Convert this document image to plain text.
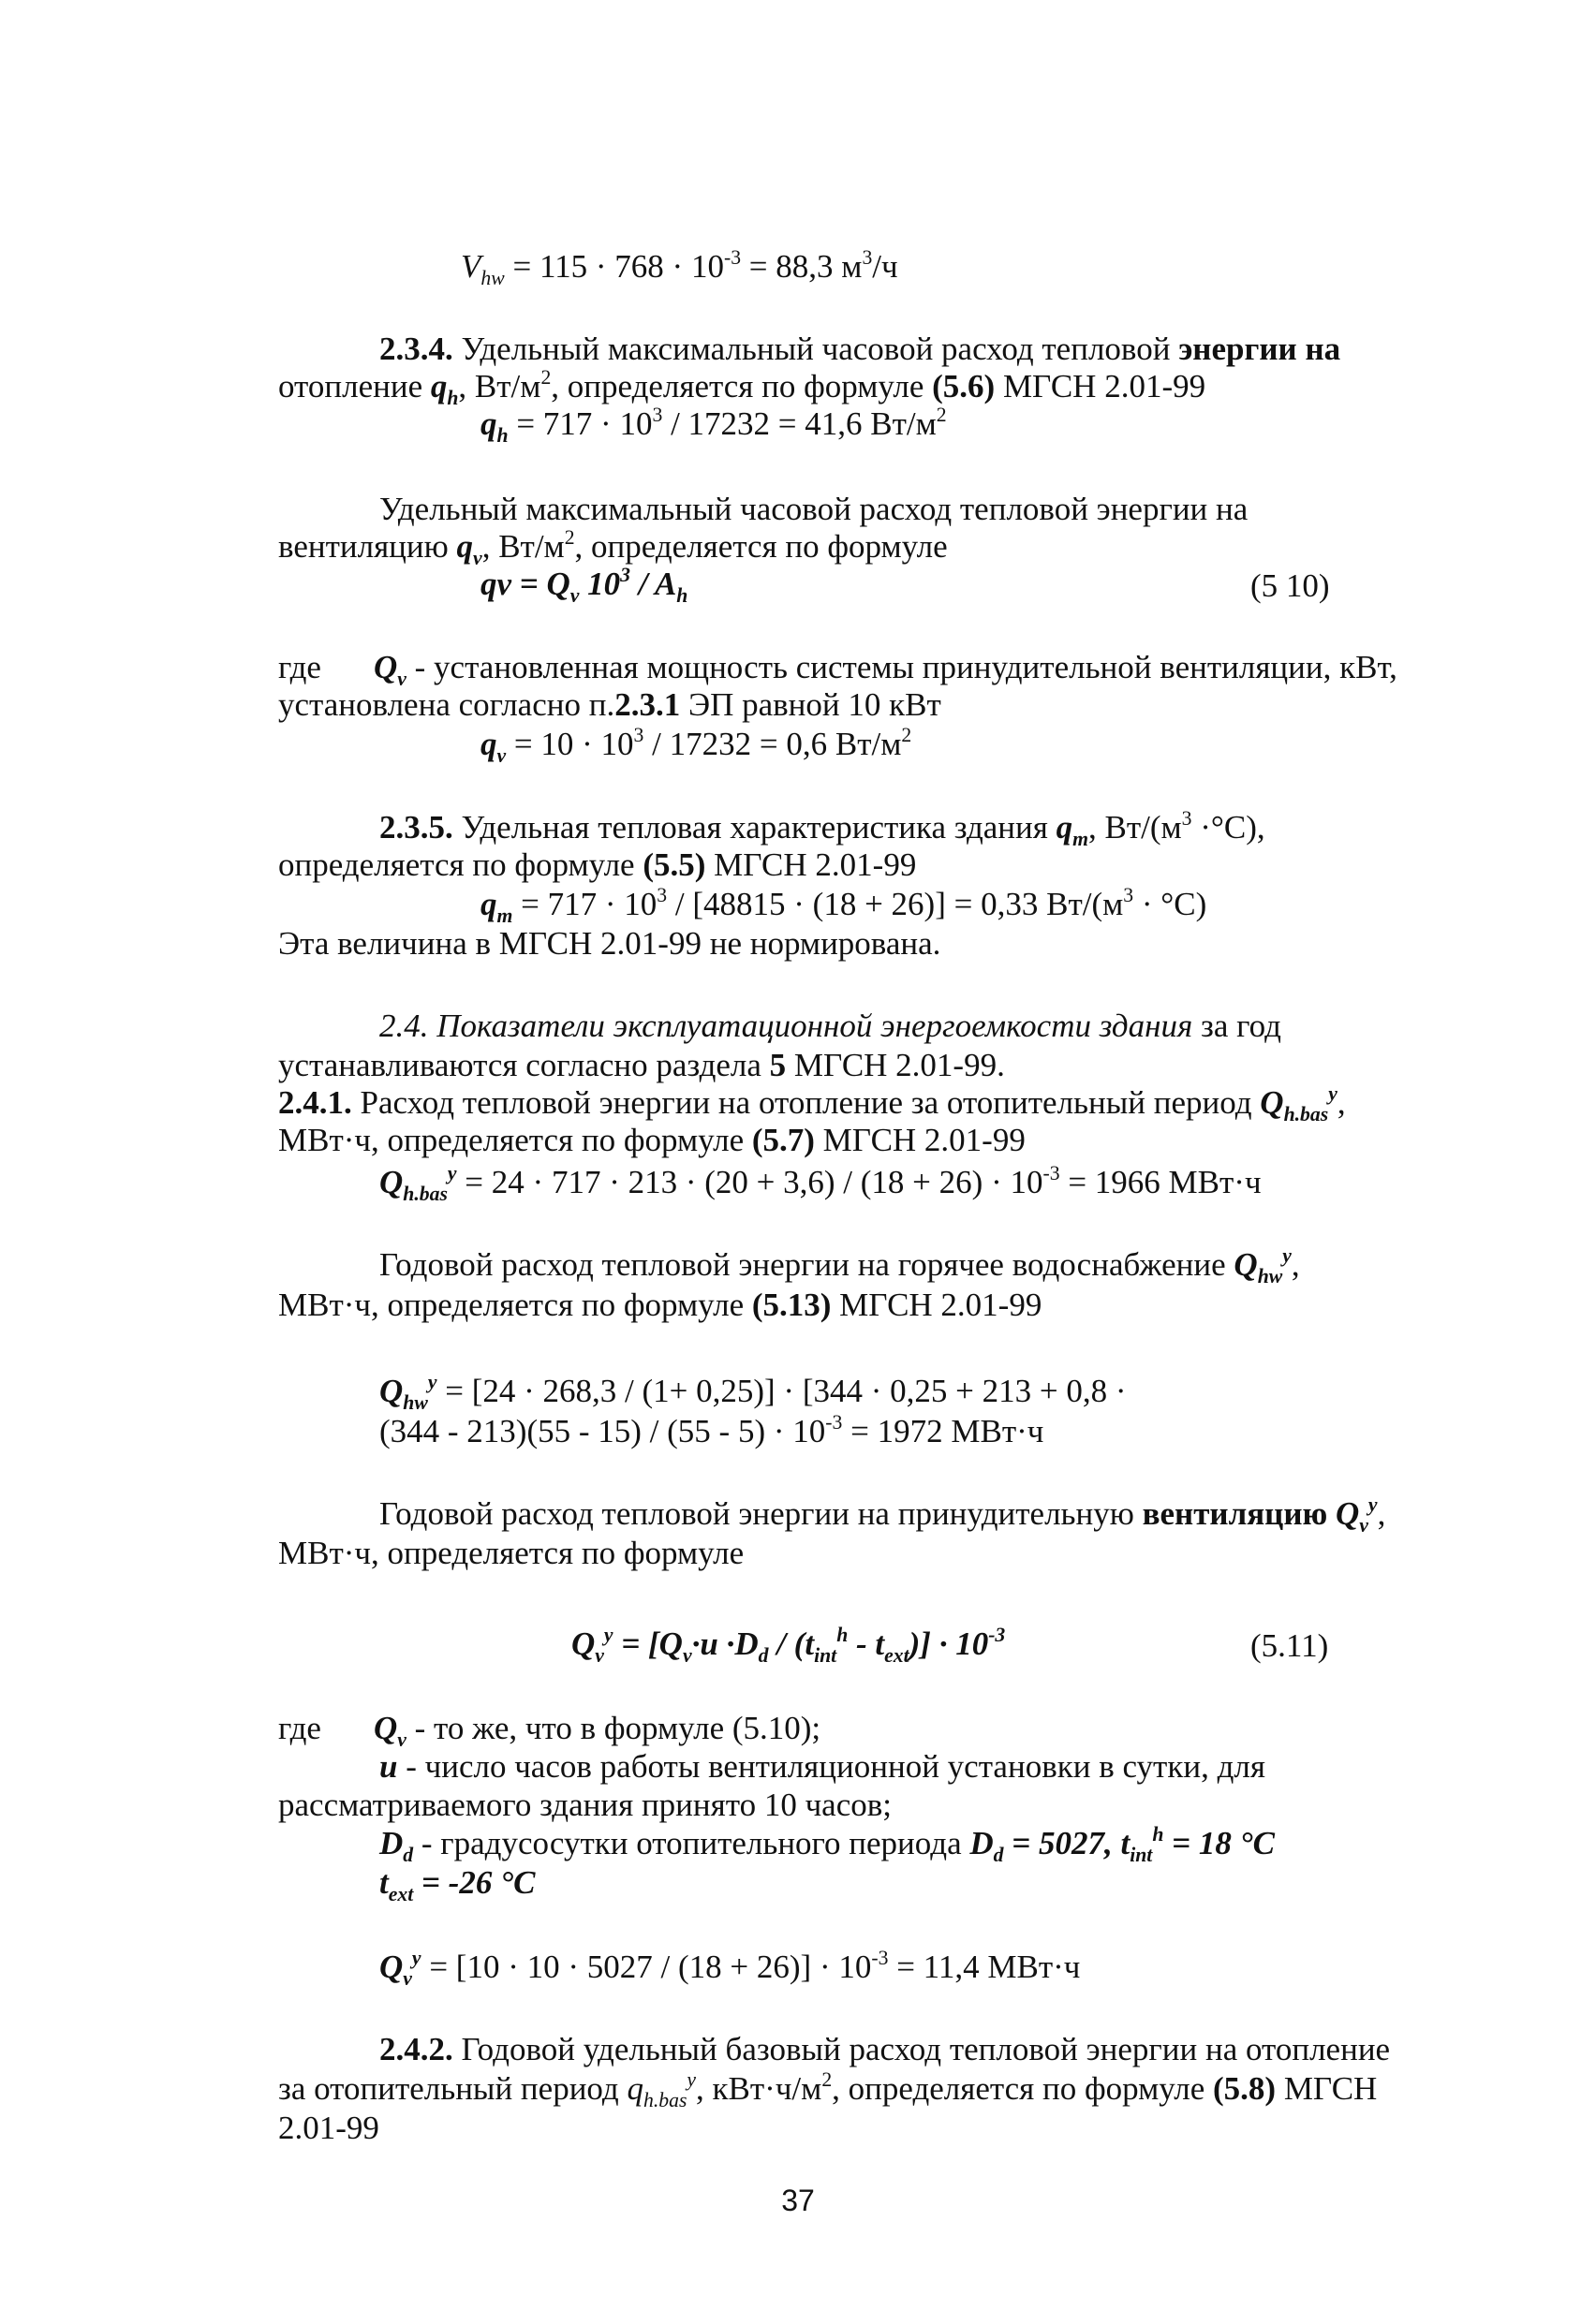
$V_{hw} = 115 \cdot 768 \cdot 10^{-3} = 88,3$ $м^3/ч$
2.3.4. Удельный максимальный часовой расход тепловой энергии на
отопление $q_h$, $Вт/м^2$, определяется по формуле (5.6) МГСН 2.01-99
$q_h = 717 \cdot 10^3 / 17232 = 41,6$ $Вт/м^2$
Удельный максимальный часовой расход тепловой энергии на
вентиляцию $q_v$, $Вт/м^2$, определяется по формуле
qv = $Q_v$ $10^3 / A_h$	(5 10)
где $Q_v$ - установленная мощность системы принудительной вентиляции, кВт,
установлена согласно п.2.3.1 ЭП равной 10 кВт
$q_v = 10 \cdot 10^3 / 17232 = 0,6$ $Вт/м^2$
2.3.5. Удельная тепловая характеристика здания $q_m$, $Вт/(м^3 \cdot^\circ С)$,
определяется по формуле (5.5) МГСН 2.01-99
$q_m = 717 \cdot 10^3 / [48815 \cdot (18 + 26)] = 0,33$ $Вт/(м^3 \cdot ^\circ С)$
Эта величина в МГСН 2.01-99 не нормирована.
2.4. Показатели эксплуатационной энергоемкости здания за год
устанавливаются согласно раздела 5 МГСН 2.01-99.
2.4.1. Расход тепловой энергии на отопление за отопительный период $Q_{h.bas}^y$,
МВт·ч, определяется по формуле (5.7) МГСН 2.01-99
$Q_{h.bas}^y = 24 \cdot 717 \cdot 213 \cdot (20 + 3,6) / (18 + 26) \cdot 10^{-3} = 1966$ МВт·ч
Годовой расход тепловой энергии на горячее водоснабжение $Q_{hw}^y$,
МВт·ч, определяется по формуле (5.13) МГСН 2.01-99
$Q_{hw}^y = [24 \cdot 268,3 / (1+ 0,25)] \cdot [344 \cdot 0,25 + 213 + 0,8$ ·
$(344 - 213)(55 - 15) / (55 - 5) \cdot 10^{-3} = 1972$ МВт·ч
Годовой расход тепловой энергии на принудительную вентиляцию $Q_v^y$,
МВт·ч, определяется по формуле
$Q_v^y = [Q_v\cdot u \cdot D_d / (t_{int}^h - t_{ext})] \cdot 10^{-3}$	(5.11)
где $Q_v$ - то же, что в формуле (5.10);
u - число часов работы вентиляционной установки в сутки, для
рассматриваемого здания принято 10 часов;
$D_d$ - градусосутки отопительного периода $D_d = 5027$, $t_{int}^h = 18$ °С
$t_{ext} = -26$ °С
$Q_v^y = [10 \cdot 10 \cdot 5027 / (18 + 26)] \cdot 10^{-3} = 11,4$ МВт·ч
2.4.2. Годовой удельный базовый расход тепловой энергии на отопление
за отопительный период $q_{h.bas}^y$, $кВт\cdot ч/м^2$, определяется по формуле (5.8) МГСН
2.01-99
37
